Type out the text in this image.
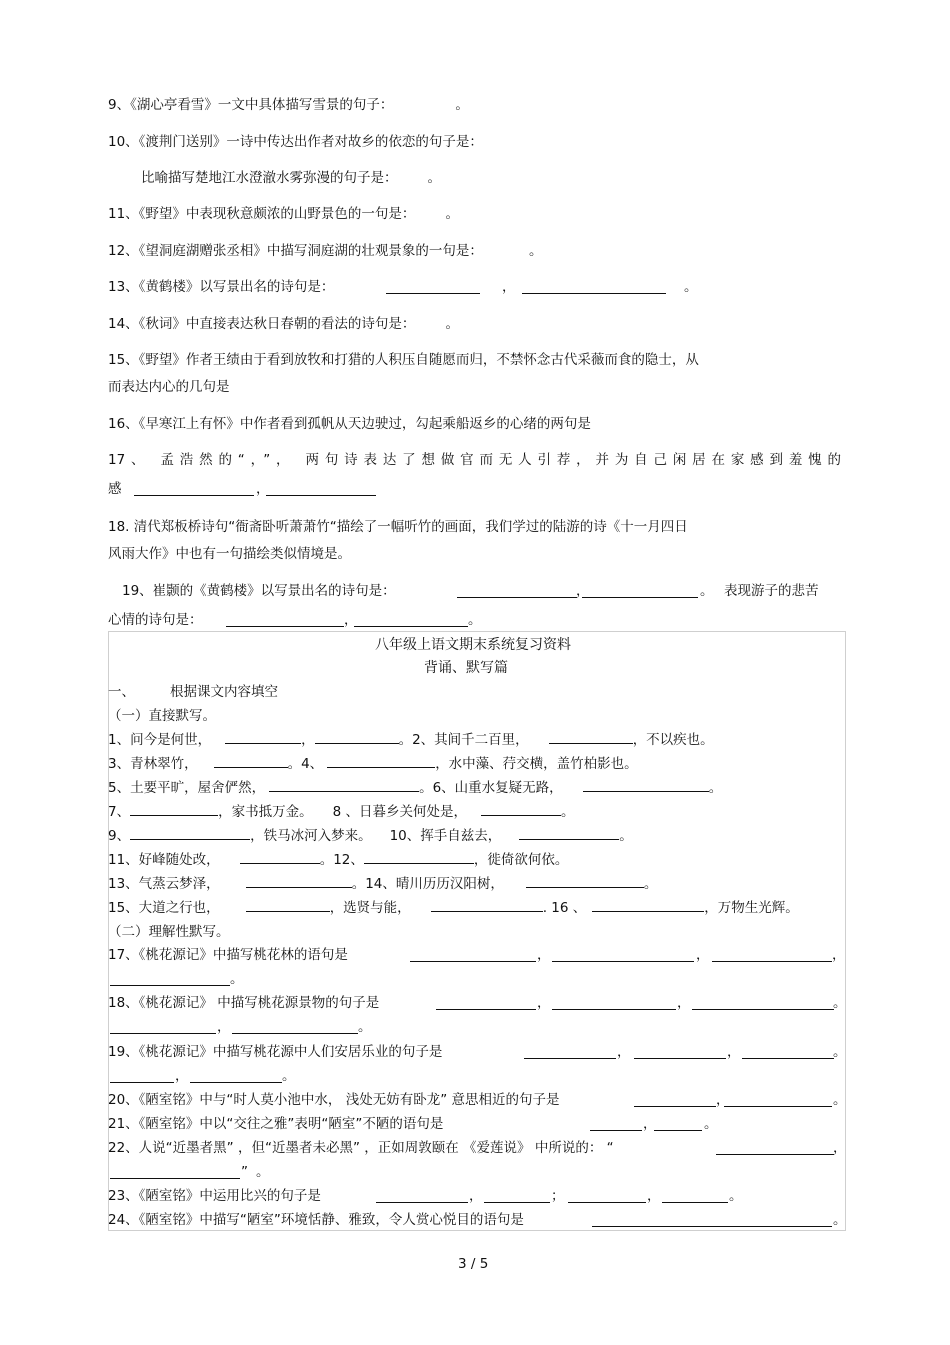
9、《湖心亭看雪》一文中具体描写雪景的句子：	。
10、《渡荆门送别》一诗中传达出作者对故乡的依恋的句子是：
比喻描写楚地江水澄澈水雾弥漫的句子是： 。
11、《野望》中表现秋意颇浓的山野景色的一句是： 。
12、《望洞庭湖赠张丞相》中描写洞庭湖的壮观景象的一句是：	。
13、《黄鹤楼》以写景出名的诗句是：	，	。
14、《秋词》中直接表达秋日春朝的看法的诗句是： 。
15、《野望》作者王绩由于看到放牧和打猎的人积压自随愿而归，不禁怀念古代采薇而食的隐士，从
而表达内心的几句是
16、《早寒江上有怀》中作者看到孤帆从天边驶过，勾起乘船返乡的心绪的两句是
17、 孟浩然的“，”， 两句诗表达了想做官而无人引荐，并为自己闲居在家感到羞愧的
感	，
18. 清代郑板桥诗句“衙斋卧听萧萧竹“描绘了一幅听竹的画面，我们学过的陆游的诗《十一月四日
风雨大作》中也有一句描绘类似情境是。
19、崔颢的《黄鹤楼》以写景出名的诗句是：	，	。 表现游子的悲苦
心情的诗句是：	，	。
八年级上语文期末系统复习资料
背诵、默写篇
一、	根据课文内容填空
（一）直接默写。
1、问今是何世，	，	。2、其间千二百里，	，不以疾也。
3、青林翠竹，	。4、	，水中藻、荇交横，盖竹柏影也。
5、土要平旷，屋舍俨然，	。6、山重水复疑无路，	。
7、	，家书抵万金。 8 、日暮乡关何处是，	。
9、	，铁马冰河入梦来。 10、挥手自兹去，	。
11、好峰随处改，	。12、	，徙倚欲何依。
13、气蒸云梦泽，	。14、晴川历历汉阳树，	。
15、大道之行也，	，选贤与能，	. 16 、	，万物生光辉。
（二）理解性默写。
17、《桃花源记》中描写桃花林的语句是	，	，	，
。
18、《桃花源记》 中描写桃花源景物的句子是	，	，	。
，	。
19、《桃花源记》中描写桃花源中人们安居乐业的句子是	，	，	。
，	。
20、《陋室铭》中与“时人莫小池中水， 浅处无妨有卧龙” 意思相近的句子是	，	。
21、《陋室铭》中以“交往之雅”表明“陋室”不陋的语句是	，	。
22、人说“近墨者黑” ，但“近墨者未必黑” ，正如周敦颐在 《爱莲说》 中所说的： “	，
” 。
23、《陋室铭》中运用比兴的句子是	，	；	，	。
24、《陋室铭》中描写“陋室”环境恬静、雅致，令人赏心悦目的语句是	。
3 / 5
